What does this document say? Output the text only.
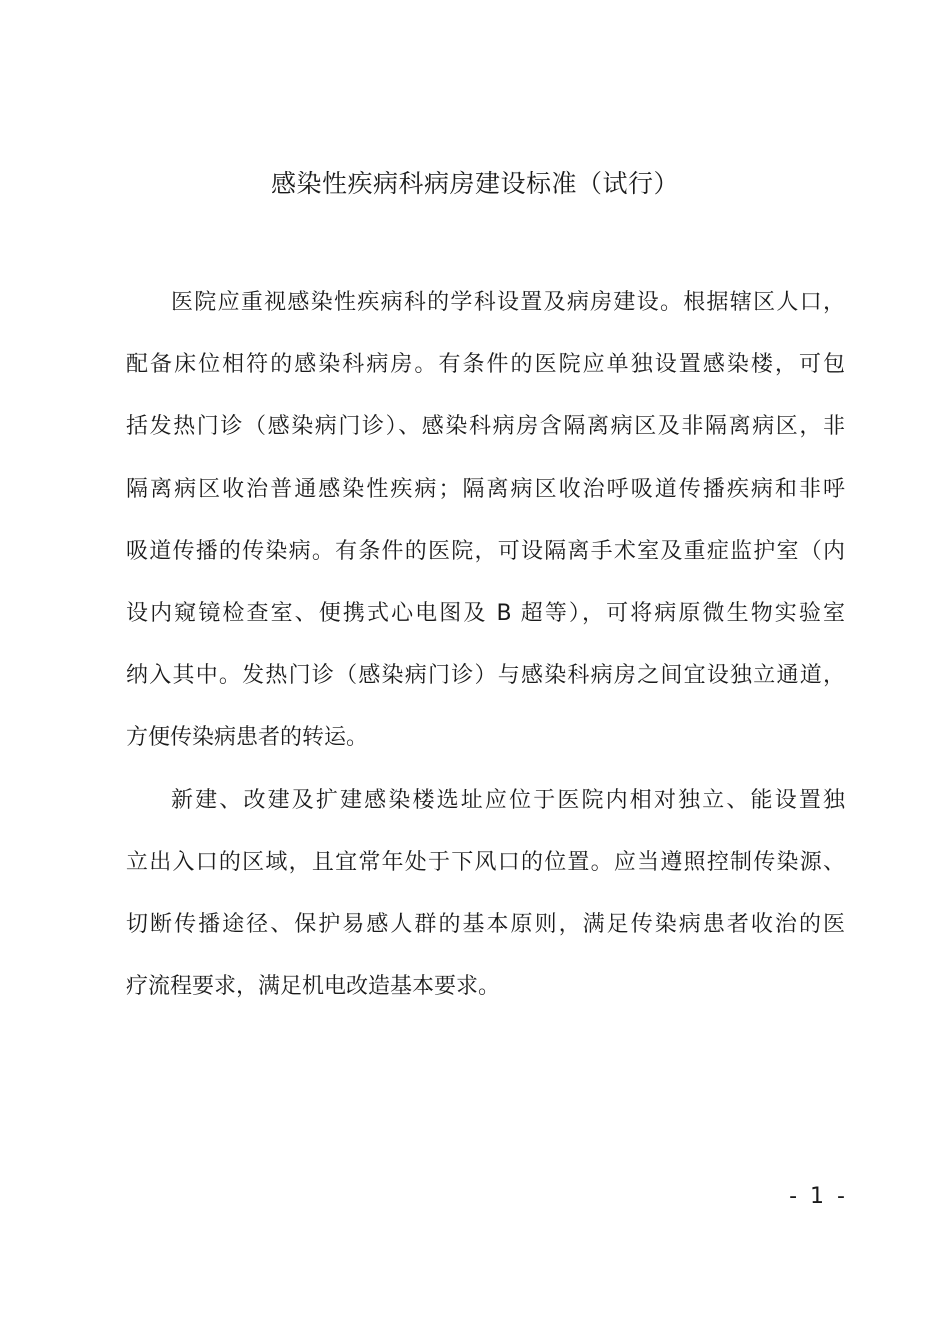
感染性疾病科病房建设标准（试行）
医院应重视感染性疾病科的学科设置及病房建设。根据辖区人口，
配备床位相符的感染科病房。有条件的医院应单独设置感染楼，可包
括发热门诊（感染病门诊）、感染科病房含隔离病区及非隔离病区，非
隔离病区收治普通感染性疾病；隔离病区收治呼吸道传播疾病和非呼
吸道传播的传染病。有条件的医院，可设隔离手术室及重症监护室（内
设内窥镜检查室、便携式心电图及 B 超等），可将病原微生物实验室
纳入其中。发热门诊（感染病门诊）与感染科病房之间宜设独立通道，
方便传染病患者的转运。
新建、改建及扩建感染楼选址应位于医院内相对独立、能设置独
立出入口的区域，且宜常年处于下风口的位置。应当遵照控制传染源、
切断传播途径、保护易感人群的基本原则，满足传染病患者收治的医
疗流程要求，满足机电改造基本要求。
- 1 -
